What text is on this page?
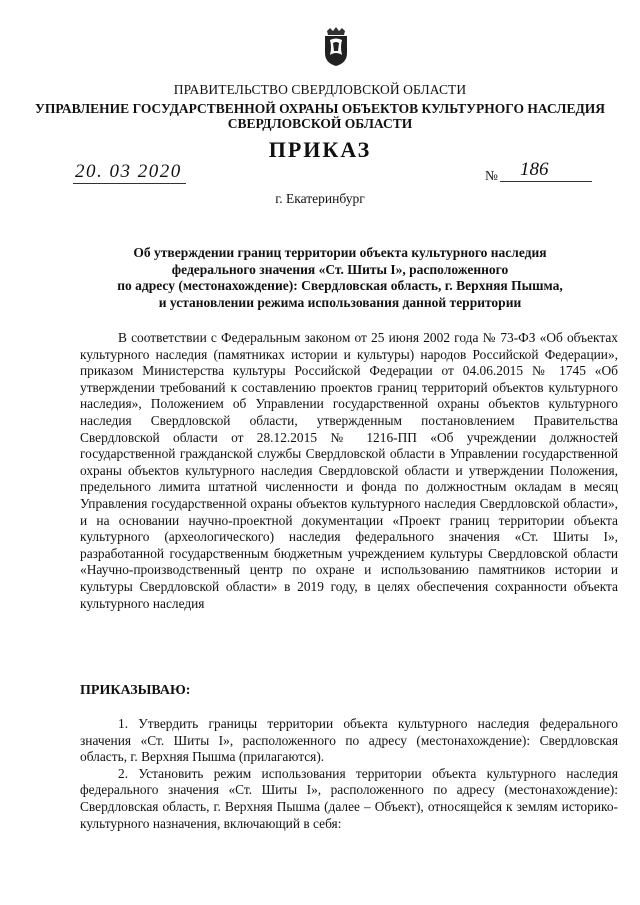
ПРАВИТЕЛЬСТВО СВЕРДЛОВСКОЙ ОБЛАСТИ
УПРАВЛЕНИЕ ГОСУДАРСТВЕННОЙ ОХРАНЫ ОБЪЕКТОВ КУЛЬТУРНОГО НАСЛЕДИЯ
СВЕРДЛОВСКОЙ ОБЛАСТИ
ПРИКАЗ
20. 03 2020	№	186
г. Екатеринбург
Об утверждении границ территории объекта культурного наследия
федерального значения «Ст. Шиты I», расположенного
по адресу (местонахождение): Свердловская область, г. Верхняя Пышма,
и установлении режима использования данной территории

В соответствии с Федеральным законом от 25 июня 2002 года № 73-ФЗ «Об объектах культурного наследия (памятниках истории и культуры) народов Российской Федерации», приказом Министерства культуры Российской Федерации от 04.06.2015 № 1745 «Об утверждении требований к составлению проектов границ территорий объектов культурного наследия», Положением об Управлении государственной охраны объектов культурного наследия Свердловской области, утвержденным постановлением Правительства Свердловской области от 28.12.2015 № 1216-ПП «Об учреждении должностей государственной гражданской службы Свердловской области в Управлении государственной охраны объектов культурного наследия Свердловской области и утверждении Положения, предельного лимита штатной численности и фонда по должностным окладам в месяц Управления государственной охраны объектов культурного наследия Свердловской области», и на основании научно-проектной документации «Проект границ территории объекта культурного (археологического) наследия федерального значения «Ст. Шиты I», разработанной государственным бюджетным учреждением культуры Свердловской области «Научно-производственный центр по охране и использованию памятников истории и культуры Свердловской области» в 2019 году, в целях обеспечения сохранности объекта культурного наследия

ПРИКАЗЫВАЮ:

1. Утвердить границы территории объекта культурного наследия федерального значения «Ст. Шиты I», расположенного по адресу (местонахождение): Свердловская область, г. Верхняя Пышма (прилагаются).

2. Установить режим использования территории объекта культурного наследия федерального значения «Ст. Шиты I», расположенного по адресу (местонахождение): Свердловская область, г. Верхняя Пышма (далее – Объект), относящейся к землям историко-культурного назначения, включающий в себя:
